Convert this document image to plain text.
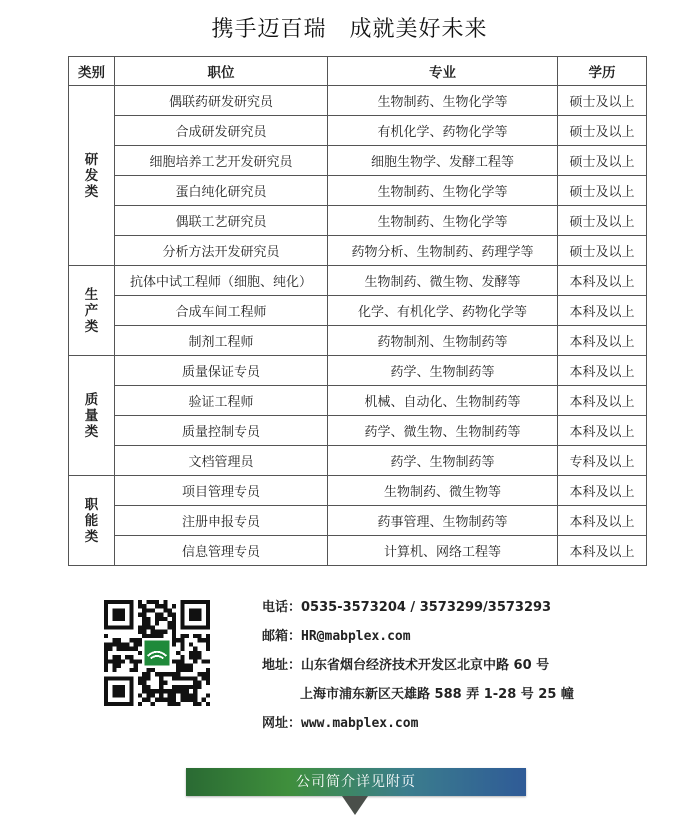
携手迈百瑞　成就美好未来
类别	职位	专业	学历
研发类	偶联药研发研究员	生物制药、生物化学等	硕士及以上
	合成研发研究员	有机化学、药物化学等	硕士及以上
	细胞培养工艺开发研究员	细胞生物学、发酵工程等	硕士及以上
	蛋白纯化研究员	生物制药、生物化学等	硕士及以上
	偶联工艺研究员	生物制药、生物化学等	硕士及以上
	分析方法开发研究员	药物分析、生物制药、药理学等	硕士及以上
生产类	抗体中试工程师（细胞、纯化）	生物制药、微生物、发酵等	本科及以上
	合成车间工程师	化学、有机化学、药物化学等	本科及以上
	制剂工程师	药物制剂、生物制药等	本科及以上
质量类	质量保证专员	药学、生物制药等	本科及以上
	验证工程师	机械、自动化、生物制药等	本科及以上
	质量控制专员	药学、微生物、生物制药等	本科及以上
	文档管理员	药学、生物制药等	专科及以上
职能类	项目管理专员	生物制药、微生物等	本科及以上
	注册申报专员	药事管理、生物制药等	本科及以上
	信息管理专员	计算机、网络工程等	本科及以上
电话：0535-3573204 / 3573299/3573293
邮箱：HR@mabplex.com
地址：山东省烟台经济技术开发区北京中路 60 号
上海市浦东新区天雄路 588 弄 1-28 号 25 幢
网址：www.mabplex.com
公司简介详见附页
